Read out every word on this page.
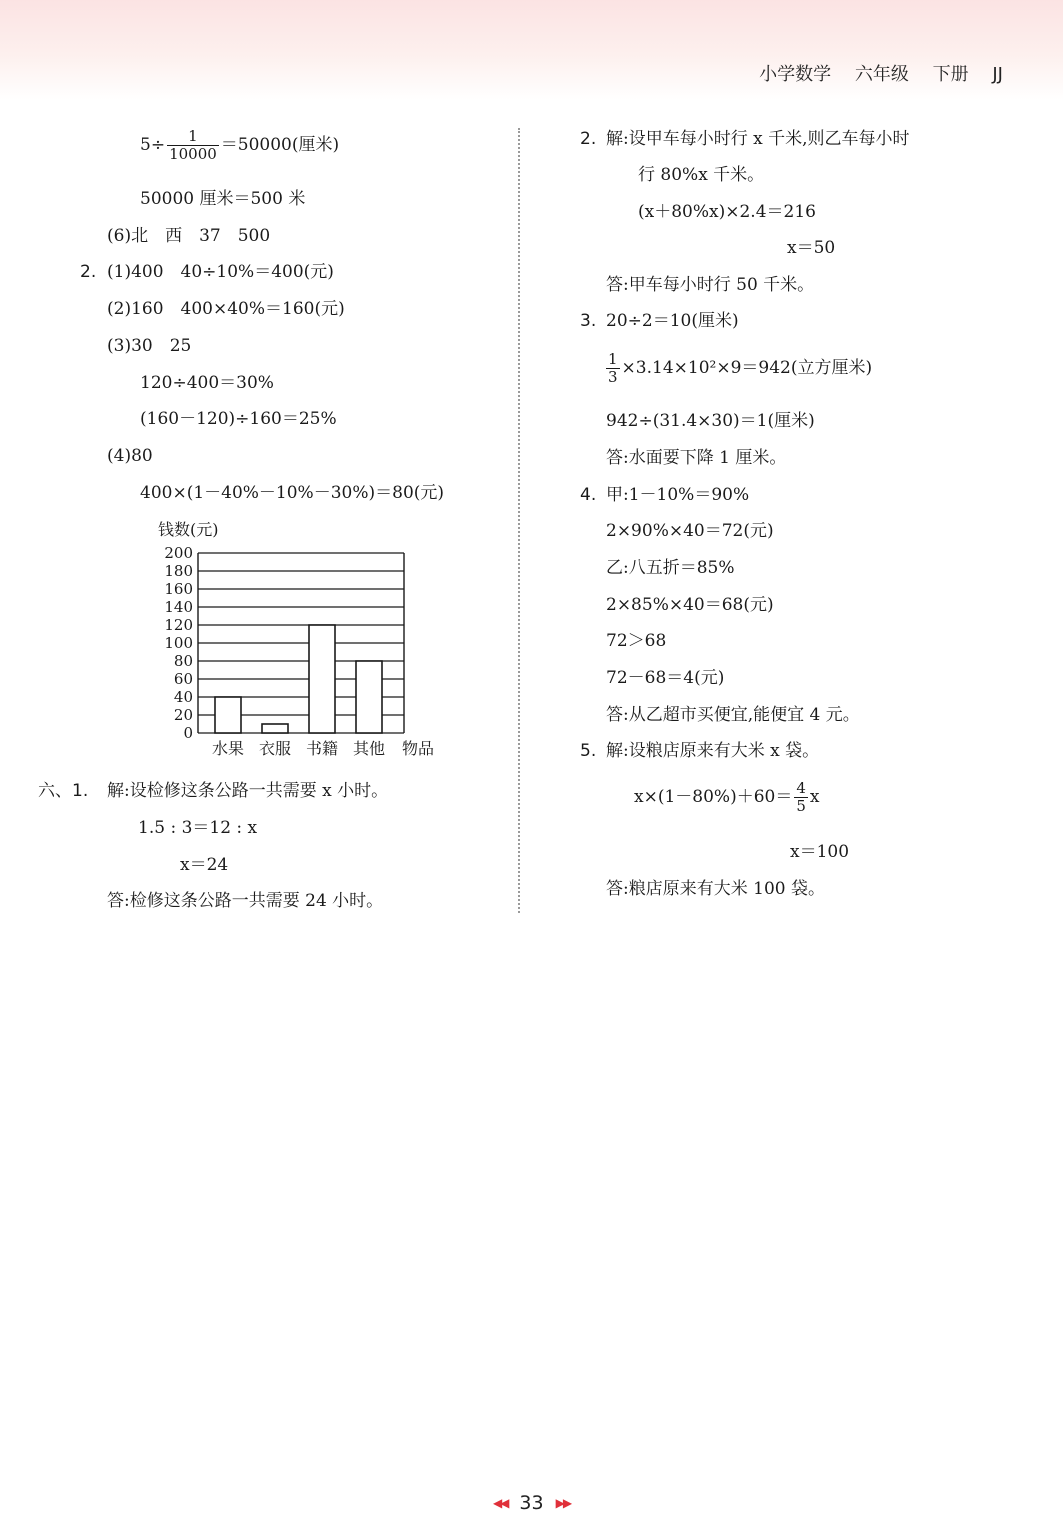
小学数学 六年级 下册 JJ
$5\div \frac{1}{10000} =50000$(厘米)
50000 厘米＝500 米
(6)北　西　37　500
2. (1)400　40÷10%＝400(元)
(2)160　400×40%＝160(元)
(3)30　25
120÷400＝30%
(160－120)÷160＝25%
(4)80
400×(1－40%－10%－30%)＝80(元)
钱数(元)
200
180
160
140
120
100
80
60
40
20
0
水果 衣服 书籍 其他 物品
六、1. 解:设检修这条公路一共需要 x 小时。
1.5 : 3＝12 : x
x＝24
答:检修这条公路一共需要 24 小时。
2. 解:设甲车每小时行 x 千米,则乙车每小时
行 80%x 千米。
(x＋80%x)×2.4＝216
x＝50
答:甲车每小时行 50 千米。
3. 20÷2＝10(厘米)
$\frac{1}{3} \times 3.14\times 10^2\times 9=942$(立方厘米)
942÷(31.4×30)＝1(厘米)
答:水面要下降 1 厘米。
4. 甲:1－10%＝90%
2×90%×40＝72(元)
乙:八五折＝85%
2×85%×40＝68(元)
72＞68
72－68＝4(元)
答:从乙超市买便宜,能便宜 4 元。
5. 解:设粮店原来有大米 x 袋。
$x\times(1-80\%)+60= \frac{4}{5}$ x
x＝100
答:粮店原来有大米 100 袋。
◀◀ 33 ▶▶
